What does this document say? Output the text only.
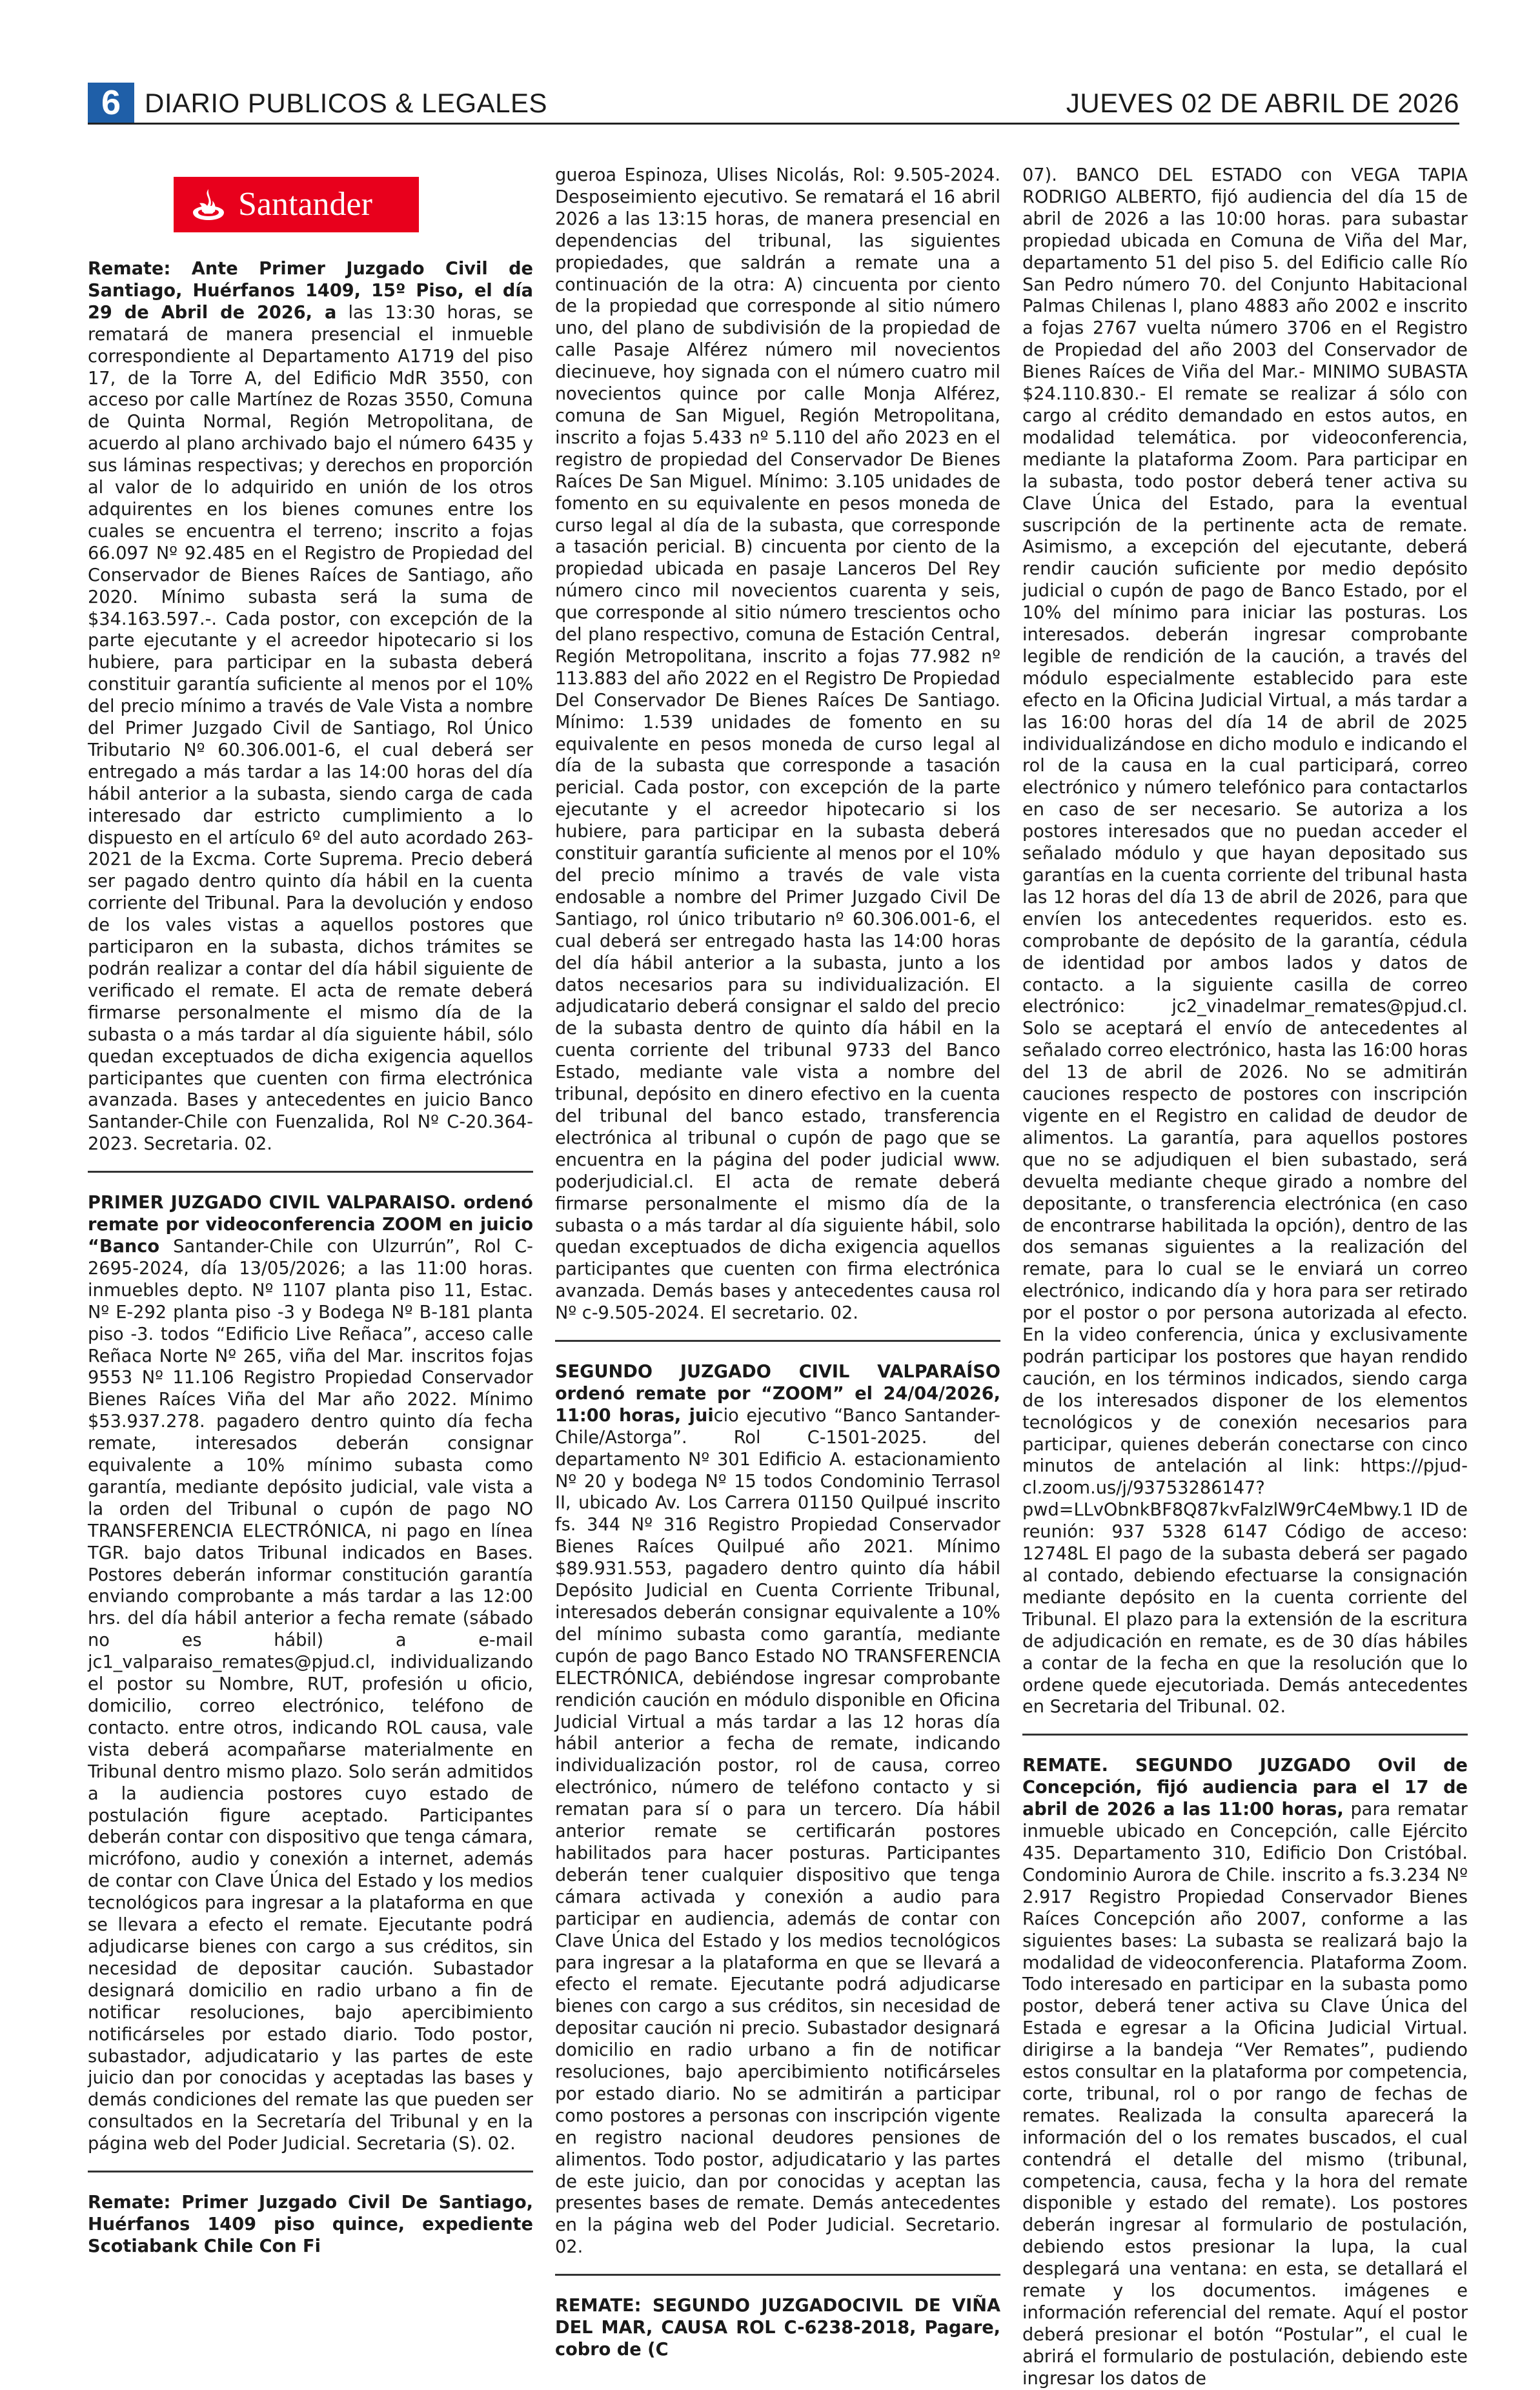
6 DIARIO PUBLICOS & LEGALES	JUEVES 02 DE ABRIL DE 2026
Santander

Remate: Ante Primer Juzgado Civil de Santiago, Huérfanos 1409, 15º Piso, el día 29 de Abril de 2026, a las 13:30 horas, se rematará de manera presencial el inmueble correspondiente al Departamento A1719 del piso 17, de la Torre A, del Edificio MdR 3550, con acceso por calle Martínez de Rozas 3550, Comuna de Quinta Normal, Región Metropolitana, de acuerdo al plano archivado bajo el número 6435 y sus láminas respectivas; y derechos en proporción al valor de lo adquirido en unión de los otros adquirentes en los bienes comunes entre los cuales se encuentra el terreno; inscrito a fojas 66.097 Nº 92.485 en el Registro de Propiedad del Conservador de Bienes Raíces de Santiago, año 2020. Mínimo subasta será la suma de $34.163.597.-. Cada postor, con excepción de la parte ejecutante y el acreedor hipotecario si los hubiere, para participar en la subasta deberá constituir garantía suficiente al menos por el 10% del precio mínimo a través de Vale Vista a nombre del Primer Juzgado Civil de Santiago, Rol Único Tributario Nº 60.306.001-6, el cual deberá ser entregado a más tardar a las 14:00 horas del día hábil anterior a la subasta, siendo carga de cada interesado dar estricto cumplimiento a lo dispuesto en el artículo 6º del auto acordado 263-2021 de la Excma. Corte Suprema. Precio deberá ser pagado dentro quinto día hábil en la cuenta corriente del Tribunal. Para la devolución y endoso de los vales vistas a aquellos postores que participaron en la subasta, dichos trámites se podrán realizar a contar del día hábil siguiente de verificado el remate. El acta de remate deberá firmarse personalmente el mismo día de la subasta o a más tardar al día siguiente hábil, sólo quedan exceptuados de dicha exigencia aquellos participantes que cuenten con firma electrónica avanzada. Bases y antecedentes en juicio Banco Santander-Chile con Fuenzalida, Rol Nº C-20.364-2023. Secretaria. 02.

PRIMER JUZGADO CIVIL VALPARAISO. ordenó remate por videoconferencia ZOOM en juicio “Banco Santander-Chile con Ulzurrún”, Rol C-2695-2024, día 13/05/2026; a las 11:00 horas. inmuebles depto. Nº 1107 planta piso 11, Estac. Nº E-292 planta piso -3 y Bodega Nº B-181 planta piso -3. todos “Edificio Live Reñaca”, acceso calle Reñaca Norte Nº 265, viña del Mar. inscritos fojas 9553 Nº 11.106 Registro Propiedad Conservador Bienes Raíces Viña del Mar año 2022. Mínimo $53.937.278. pagadero dentro quinto día fecha remate, interesados deberán consignar equivalente a 10% mínimo subasta como garantía, mediante depósito judicial, vale vista a la orden del Tribunal o cupón de pago NO TRANSFERENCIA ELECTRÓNICA, ni pago en línea TGR. bajo datos Tribunal indicados en Bases. Postores deberán informar constitución garantía enviando comprobante a más tardar a las 12:00 hrs. del día hábil anterior a fecha remate (sábado no es hábil) a e-mail jc1_valparaiso_remates@pjud.cl, individualizando el postor su Nombre, RUT, profesión u oficio, domicilio, correo electrónico, teléfono de contacto. entre otros, indicando ROL causa, vale vista deberá acompañarse materialmente en Tribunal dentro mismo plazo. Solo serán admitidos a la audiencia postores cuyo estado de postulación figure aceptado. Participantes deberán contar con dispositivo que tenga cámara, micrófono, audio y conexión a internet, además de contar con Clave Única del Estado y los medios tecnológicos para ingresar a la plataforma en que se llevara a efecto el remate. Ejecutante podrá adjudicarse bienes con cargo a sus créditos, sin necesidad de depositar caución. Subastador designará domicilio en radio urbano a fin de notificar resoluciones, bajo apercibimiento notificárseles por estado diario. Todo postor, subastador, adjudicatario y las partes de este juicio dan por conocidas y aceptadas las bases y demás condiciones del remate las que pueden ser consultados en la Secretaría del Tribunal y en la página web del Poder Judicial. Secretaria (S). 02.

Remate: Primer Juzgado Civil De Santiago, Huérfanos 1409 piso quince, expediente Scotiabank Chile Con Fi

gueroa Espinoza, Ulises Nicolás, Rol: 9.505-2024. Desposeimiento ejecutivo. Se rematará el 16 abril 2026 a las 13:15 horas, de manera presencial en dependencias del tribunal, las siguientes propiedades, que saldrán a remate una a continuación de la otra: A) cincuenta por ciento de la propiedad que corresponde al sitio número uno, del plano de subdivisión de la propiedad de calle Pasaje Alférez número mil novecientos diecinueve, hoy signada con el número cuatro mil novecientos quince por calle Monja Alférez, comuna de San Miguel, Región Metropolitana, inscrito a fojas 5.433 nº 5.110 del año 2023 en el registro de propiedad del Conservador De Bienes Raíces De San Miguel. Mínimo: 3.105 unidades de fomento en su equivalente en pesos moneda de curso legal al día de la subasta, que corresponde a tasación pericial. B) cincuenta por ciento de la propiedad ubicada en pasaje Lanceros Del Rey número cinco mil novecientos cuarenta y seis, que corresponde al sitio número trescientos ocho del plano respectivo, comuna de Estación Central, Región Metropolitana, inscrito a fojas 77.982 nº 113.883 del año 2022 en el Registro De Propiedad Del Conservador De Bienes Raíces De Santiago. Mínimo: 1.539 unidades de fomento en su equivalente en pesos moneda de curso legal al día de la subasta que corresponde a tasación pericial. Cada postor, con excepción de la parte ejecutante y el acreedor hipotecario si los hubiere, para participar en la subasta deberá constituir garantía suficiente al menos por el 10% del precio mínimo a través de vale vista endosable a nombre del Primer Juzgado Civil De Santiago, rol único tributario nº 60.306.001-6, el cual deberá ser entregado hasta las 14:00 horas del día hábil anterior a la subasta, junto a los datos necesarios para su individualización. El adjudicatario deberá consignar el saldo del precio de la subasta dentro de quinto día hábil en la cuenta corriente del tribunal 9733 del Banco Estado, mediante vale vista a nombre del tribunal, depósito en dinero efectivo en la cuenta del tribunal del banco estado, transferencia electrónica al tribunal o cupón de pago que se encuentra en la página del poder judicial www. poderjudicial.cl. El acta de remate deberá firmarse personalmente el mismo día de la subasta o a más tardar al día siguiente hábil, solo quedan exceptuados de dicha exigencia aquellos participantes que cuenten con firma electrónica avanzada. Demás bases y antecedentes causa rol Nº c-9.505-2024. El secretario. 02.

SEGUNDO JUZGADO CIVIL VALPARAÍSO ordenó remate por “ZOOM” el 24/04/2026, 11:00 horas, juicio ejecutivo “Banco Santander-Chile/Astorga”. Rol C-1501-2025. del departamento Nº 301 Edificio A. estacionamiento Nº 20 y bodega Nº 15 todos Condominio Terrasol II, ubicado Av. Los Carrera 01150 Quilpué inscrito fs. 344 Nº 316 Registro Propiedad Conservador Bienes Raíces Quilpué año 2021. Mínimo $89.931.553, pagadero dentro quinto día hábil Depósito Judicial en Cuenta Corriente Tribunal, interesados deberán consignar equivalente a 10% del mínimo subasta como garantía, mediante cupón de pago Banco Estado NO TRANSFERENCIA ELECTRÓNICA, debiéndose ingresar comprobante rendición caución en módulo disponible en Oficina Judicial Virtual a más tardar a las 12 horas día hábil anterior a fecha de remate, indicando individualización postor, rol de causa, correo electrónico, número de teléfono contacto y si rematan para sí o para un tercero. Día hábil anterior remate se certificarán postores habilitados para hacer posturas. Participantes deberán tener cualquier dispositivo que tenga cámara activada y conexión a audio para participar en audiencia, además de contar con Clave Única del Estado y los medios tecnológicos para ingresar a la plataforma en que se llevará a efecto el remate. Ejecutante podrá adjudicarse bienes con cargo a sus créditos, sin necesidad de depositar caución ni precio. Subastador designará domicilio en radio urbano a fin de notificar resoluciones, bajo apercibimiento notificárseles por estado diario. No se admitirán a participar como postores a personas con inscripción vigente en registro nacional deudores pensiones de alimentos. Todo postor, adjudicatario y las partes de este juicio, dan por conocidas y aceptan las presentes bases de remate. Demás antecedentes en la página web del Poder Judicial. Secretario. 02.

REMATE: SEGUNDO JUZGADOCIVIL DE VIÑA DEL MAR, CAUSA ROL C-6238-2018, Pagare, cobro de (C

07). BANCO DEL ESTADO con VEGA TAPIA RODRIGO ALBERTO, fijó audiencia del día 15 de abril de 2026 a las 10:00 horas. para subastar propiedad ubicada en Comuna de Viña del Mar, departamento 51 del piso 5. del Edificio calle Río San Pedro número 70. del Conjunto Habitacional Palmas Chilenas l, plano 4883 año 2002 e inscrito a fojas 2767 vuelta número 3706 en el Registro de Propiedad del año 2003 del Conservador de Bienes Raíces de Viña del Mar.- MINIMO SUBASTA $24.110.830.- El remate se realizar á sólo con cargo al crédito demandado en estos autos, en modalidad telemática. por videoconferencia, mediante la plataforma Zoom. Para participar en la subasta, todo postor deberá tener activa su Clave Única del Estado, para la eventual suscripción de la pertinente acta de remate. Asimismo, a excepción del ejecutante, deberá rendir caución suficiente por medio depósito judicial o cupón de pago de Banco Estado, por el 10% del mínimo para iniciar las posturas. Los interesados. deberán ingresar comprobante legible de rendición de la caución, a través del módulo especialmente establecido para este efecto en la Oficina Judicial Virtual, a más tardar a las 16:00 horas del día 14 de abril de 2025 individualizándose en dicho modulo e indicando el rol de la causa en la cual participará, correo electrónico y número telefónico para contactarlos en caso de ser necesario. Se autoriza a los postores interesados que no puedan acceder el señalado módulo y que hayan depositado sus garantías en la cuenta corriente del tribunal hasta las 12 horas del día 13 de abril de 2026, para que envíen los antecedentes requeridos. esto es. comprobante de depósito de la garantía, cédula de identidad por ambos lados y datos de contacto. a la siguiente casilla de correo electrónico: jc2_vinadelmar_remates@pjud.cl. Solo se aceptará el envío de antecedentes al señalado correo electrónico, hasta las 16:00 horas del 13 de abril de 2026. No se admitirán cauciones respecto de postores con inscripción vigente en el Registro en calidad de deudor de alimentos. La garantía, para aquellos postores que no se adjudiquen el bien subastado, será devuelta mediante cheque girado a nombre del depositante, o transferencia electrónica (en caso de encontrarse habilitada la opción), dentro de las dos semanas siguientes a la realización del remate, para lo cual se le enviará un correo electrónico, indicando día y hora para ser retirado por el postor o por persona autorizada al efecto. En la video conferencia, única y exclusivamente podrán participar los postores que hayan rendido caución, en los términos indicados, siendo carga de los interesados disponer de los elementos tecnológicos y de conexión necesarios para participar, quienes deberán conectarse con cinco minutos de antelación al link: https://pjud-cl.zoom.us/j/93753286147?pwd=LLvObnkBF8Q87kvFalzlW9rC4eMbwy.1 ID de reunión: 937 5328 6147 Código de acceso: 12748L El pago de la subasta deberá ser pagado al contado, debiendo efectuarse la consignación mediante depósito en la cuenta corriente del Tribunal. El plazo para la extensión de la escritura de adjudicación en remate, es de 30 días hábiles a contar de la fecha en que la resolución que lo ordene quede ejecutoriada. Demás antecedentes en Secretaria del Tribunal. 02.

REMATE. SEGUNDO JUZGADO Ovil de Concepción, fijó audiencia para el 17 de abril de 2026 a las 11:00 horas, para rematar inmueble ubicado en Concepción, calle Ejército 435. Departamento 310, Edificio Don Cristóbal. Condominio Aurora de Chile. inscrito a fs.3.234 Nº 2.917 Registro Propiedad Conservador Bienes Raíces Concepción año 2007, conforme a las siguientes bases: La subasta se realizará bajo la modalidad de videoconferencia. Plataforma Zoom. Todo interesado en participar en la subasta pomo postor, deberá tener activa su Clave Única del Estada e egresar a la Oficina Judicial Virtual. dirigirse a la bandeja “Ver Remates”, pudiendo estos consultar en la plataforma por competencia, corte, tribunal, rol o por rango de fechas de remates. Realizada la consulta aparecerá la información del o los remates buscados, el cual contendrá el detalle del mismo (tribunal, competencia, causa, fecha y la hora del remate disponible y estado del remate). Los postores deberán ingresar al formulario de postulación, debiendo estos presionar la lupa, la cual desplegará una ventana: en esta, se detallará el remate y los documentos. imágenes e información referencial del remate. Aquí el postor deberá presionar el botón “Postular”, el cual le abrirá el formulario de postulación, debiendo este ingresar los datos de
